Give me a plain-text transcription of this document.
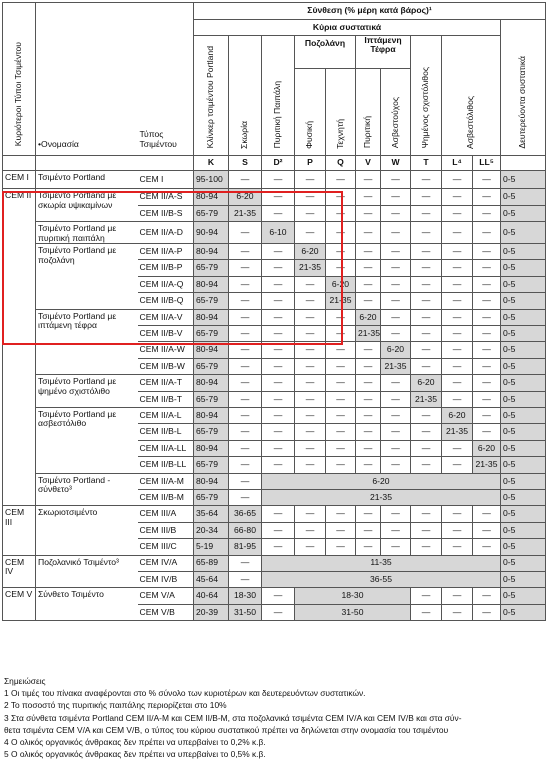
Κυριότεροι Τύποι Τσιμέντου	•Ονομασία	Τύπος Τσιμέντου	Σύνθεση (% μέρη κατά βάρος)¹										
			Κύρια συστατικά										Δευτερεύοντα συστατικά
			Κλίνκερ τσιμέντου Portland	Σκωρία	Πυριτική Παιπάλη	Ποζολάνη		Ιπτάμενη Τέφρα		Ψημένος σχιστόλιθος	Ασβεστόλιθος		
						Φυσική	Τεχνητή	Πυριτική	Ασβεστούχος				
			K	S	D²	P	Q	V	W	T	L⁴	LL⁵	
CEM I	Τσιμέντο Portland	CEM I	95-100	—	—	—	—	—	—	—	—	—	0-5
CEM II	Τσιμέντο Portland με σκωρία υψικαμίνων	CEM II/A-S	80-94	6-20	—	—	—	—	—	—	—	—	0-5
		CEM II/B-S	65-79	21-35	—	—	—	—	—	—	—	—	0-5
	Τσιμέντο Portland με πυριτική παιπάλη	CEM II/A-D	90-94	—	6-10	—	—	—	—	—	—	—	0-5
	Τσιμέντο Portland με ποζολάνη	CEM II/A-P	80-94	—	—	6-20	—	—	—	—	—	—	0-5
		CEM II/B-P	65-79	—	—	21-35	—	—	—	—	—	—	0-5
		CEM II/A-Q	80-94	—	—	—	6-20	—	—	—	—	—	0-5
		CEM II/B-Q	65-79	—	—	—	21-35	—	—	—	—	—	0-5
	Τσιμέντο Portland με ιπτάμενη τέφρα	CEM II/A-V	80-94	—	—	—	—	6-20	—	—	—	—	0-5
		CEM II/B-V	65-79	—	—	—	—	21-35	—	—	—	—	0-5
		CEM II/A-W	80-94	—	—	—	—	—	6-20	—	—	—	0-5
		CEM II/B-W	65-79	—	—	—	—	—	21-35	—	—	—	0-5
	Τσιμέντο Portland με ψημένο σχιστόλιθο	CEM II/A-T	80-94	—	—	—	—	—	—	6-20	—	—	0-5
		CEM II/B-T	65-79	—	—	—	—	—	—	21-35	—	—	0-5
	Τσιμέντο Portland με ασβεστόλιθο	CEM II/A-L	80-94	—	—	—	—	—	—	—	6-20	—	0-5
		CEM II/B-L	65-79	—	—	—	—	—	—	—	21-35	—	0-5
		CEM II/A-LL	80-94	—	—	—	—	—	—	—	—	6-20	0-5
		CEM II/B-LL	65-79	—	—	—	—	—	—	—	—	21-35	0-5
	Τσιμέντο Portland - σύνθετο³	CEM II/A-M	80-94	—	6-20								0-5
		CEM II/B-M	65-79	—	21-35								0-5
CEM III	Σκωριοτσιμέντο	CEM III/A	35-64	36-65	—	—	—	—	—	—	—	—	0-5
		CEM III/B	20-34	66-80	—	—	—	—	—	—	—	—	0-5
		CEM III/C	5-19	81-95	—	—	—	—	—	—	—	—	0-5
CEM IV	Ποζολανικό Τσιμέντο³	CEM IV/A	65-89	—	11-35								0-5
		CEM IV/B	45-64	—	36-55								0-5
CEM V	Σύνθετο Τσιμέντο	CEM V/A	40-64	18-30	—	18-30				—	—	—	0-5
		CEM V/B	20-39	31-50	—	31-50				—	—	—	0-5
Σημειώσεις
1 Οι τιμές του πίνακα αναφέρονται στο % σύνολο των κυριοτέρων και δευτερευόντων συστατικών.
2 Το ποσοστό της πυριτικής παιπάλης περιορίζεται στο 10%
3 Στα σύνθετα τσιμέντα Portland CEM II/A-M και CEM II/B-M, στα ποζολανικά τσιμέντα CEM IV/A και CEM IV/B και στα σύν-
θετα τσιμέντα CEM V/A και CEM V/B, ο τύπος του κύριου συστατικού πρέπει να δηλώνεται στην ονομασία του τσιμέντου
4 Ο ολικός οργανικός άνθρακας δεν πρέπει να υπερβαίνει το 0,2% κ.β.
5 Ο ολικός οργανικός άνθρακας δεν πρέπει να υπερβαίνει το 0,5% κ.β.
